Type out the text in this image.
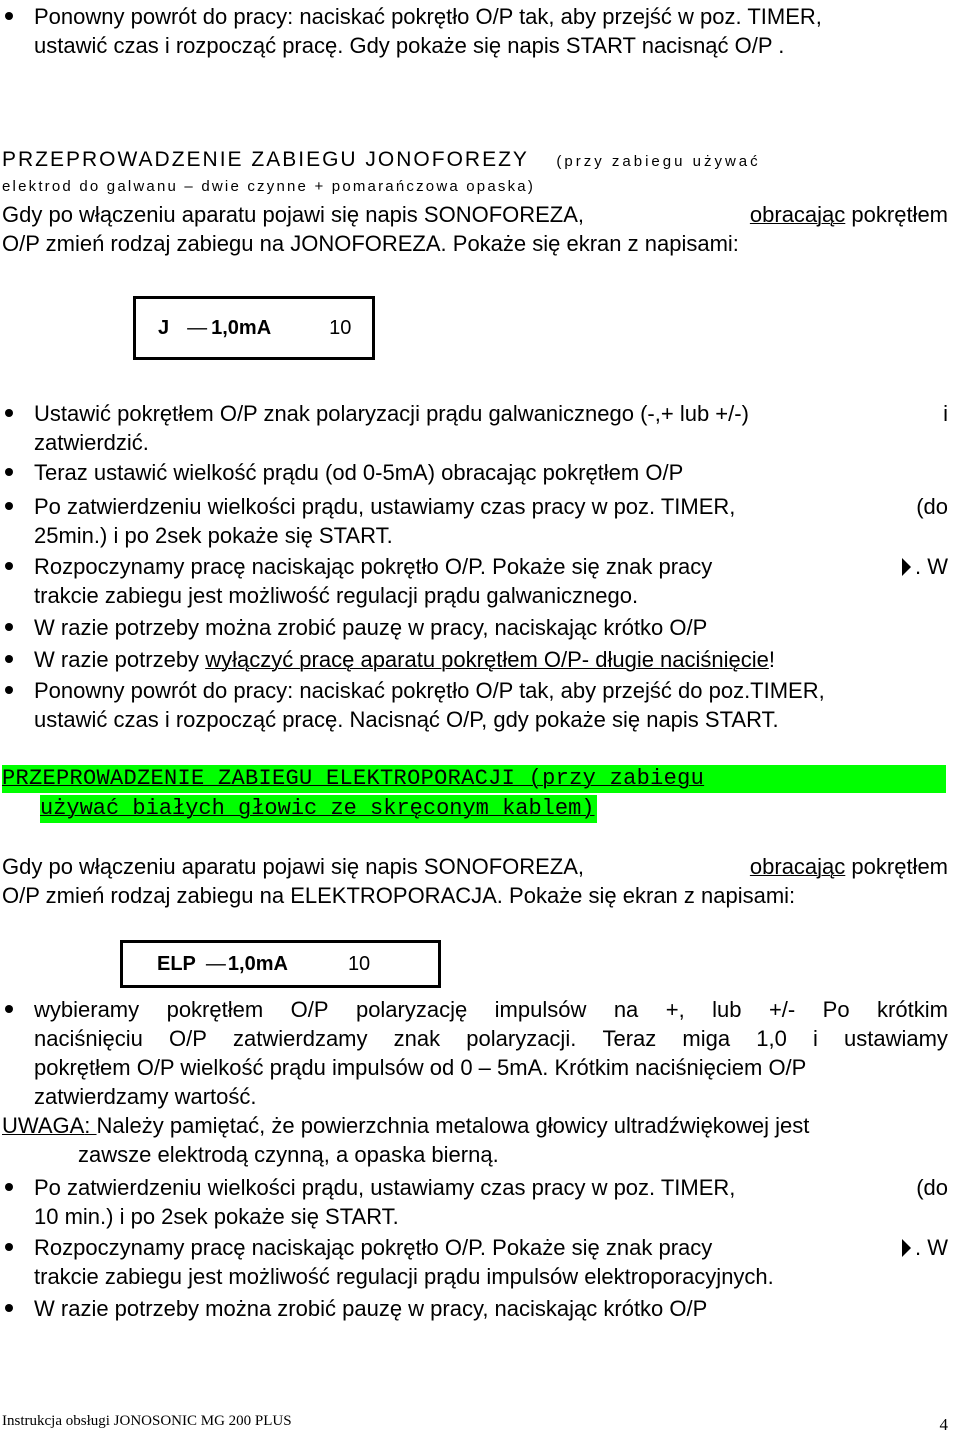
Ponowny powrót do pracy: naciskać pokrętło O/P tak, aby przejść w poz. TIMER,
ustawić czas i rozpocząć pracę. Gdy pokaże się napis START nacisnąć O/P .
PRZEPROWADZENIE ZABIEGU JONOFOREZY (przy zabiegu używać
elektrod do galwanu – dwie czynne + pomarańczowa opaska)
Gdy po włączeniu aparatu pojawi się napis SONOFOREZA,	obracając pokrętłem
O/P zmień rodzaj zabiegu na JONOFOREZA. Pokaże się ekran z napisami:
J — 1,0mA	10
Ustawić pokrętłem O/P znak polaryzacji prądu galwanicznego (-,+ lub +/-)	i
zatwierdzić.
Teraz ustawić wielkość prądu (od 0-5mA) obracając pokrętłem O/P
Po zatwierdzeniu wielkości prądu, ustawiamy czas pracy w poz. TIMER,	(do
25min.) i po 2sek pokaże się START.
Rozpoczynamy pracę naciskając pokrętło O/P. Pokaże się znak pracy	. W
trakcie zabiegu jest możliwość regulacji prądu galwanicznego.
W razie potrzeby można zrobić pauzę w pracy, naciskając krótko O/P
W razie potrzeby wyłączyć pracę aparatu pokrętłem O/P- długie naciśnięcie!
Ponowny powrót do pracy: naciskać pokrętło O/P tak, aby przejść do poz.TIMER,
ustawić czas i rozpocząć pracę. Nacisnąć O/P, gdy pokaże się napis START.
PRZEPROWADZENIE ZABIEGU ELEKTROPORACJI (przy zabiegu
używać białych głowic ze skręconym kablem)
Gdy po włączeniu aparatu pojawi się napis SONOFOREZA,	obracając pokrętłem
O/P zmień rodzaj zabiegu na ELEKTROPORACJA. Pokaże się ekran z napisami:
ELP — 1,0mA	10
wybieramy pokrętłem O/P polaryzację impulsów na +, lub +/- Po krótkim
naciśnięciu O/P zatwierdzamy znak polaryzacji. Teraz miga 1,0 i ustawiamy
pokrętłem O/P wielkość prądu impulsów od 0 – 5mA. Krótkim naciśnięciem O/P
zatwierdzamy wartość.
UWAGA: Należy pamiętać, że powierzchnia metalowa głowicy ultradźwiękowej jest
zawsze elektrodą czynną, a opaska bierną.
Po zatwierdzeniu wielkości prądu, ustawiamy czas pracy w poz. TIMER,	(do
10 min.) i po 2sek pokaże się START.
Rozpoczynamy pracę naciskając pokrętło O/P. Pokaże się znak pracy	. W
trakcie zabiegu jest możliwość regulacji prądu impulsów elektroporacyjnych.
W razie potrzeby można zrobić pauzę w pracy, naciskając krótko O/P
Instrukcja obsługi JONOSONIC MG 200 PLUS	4
